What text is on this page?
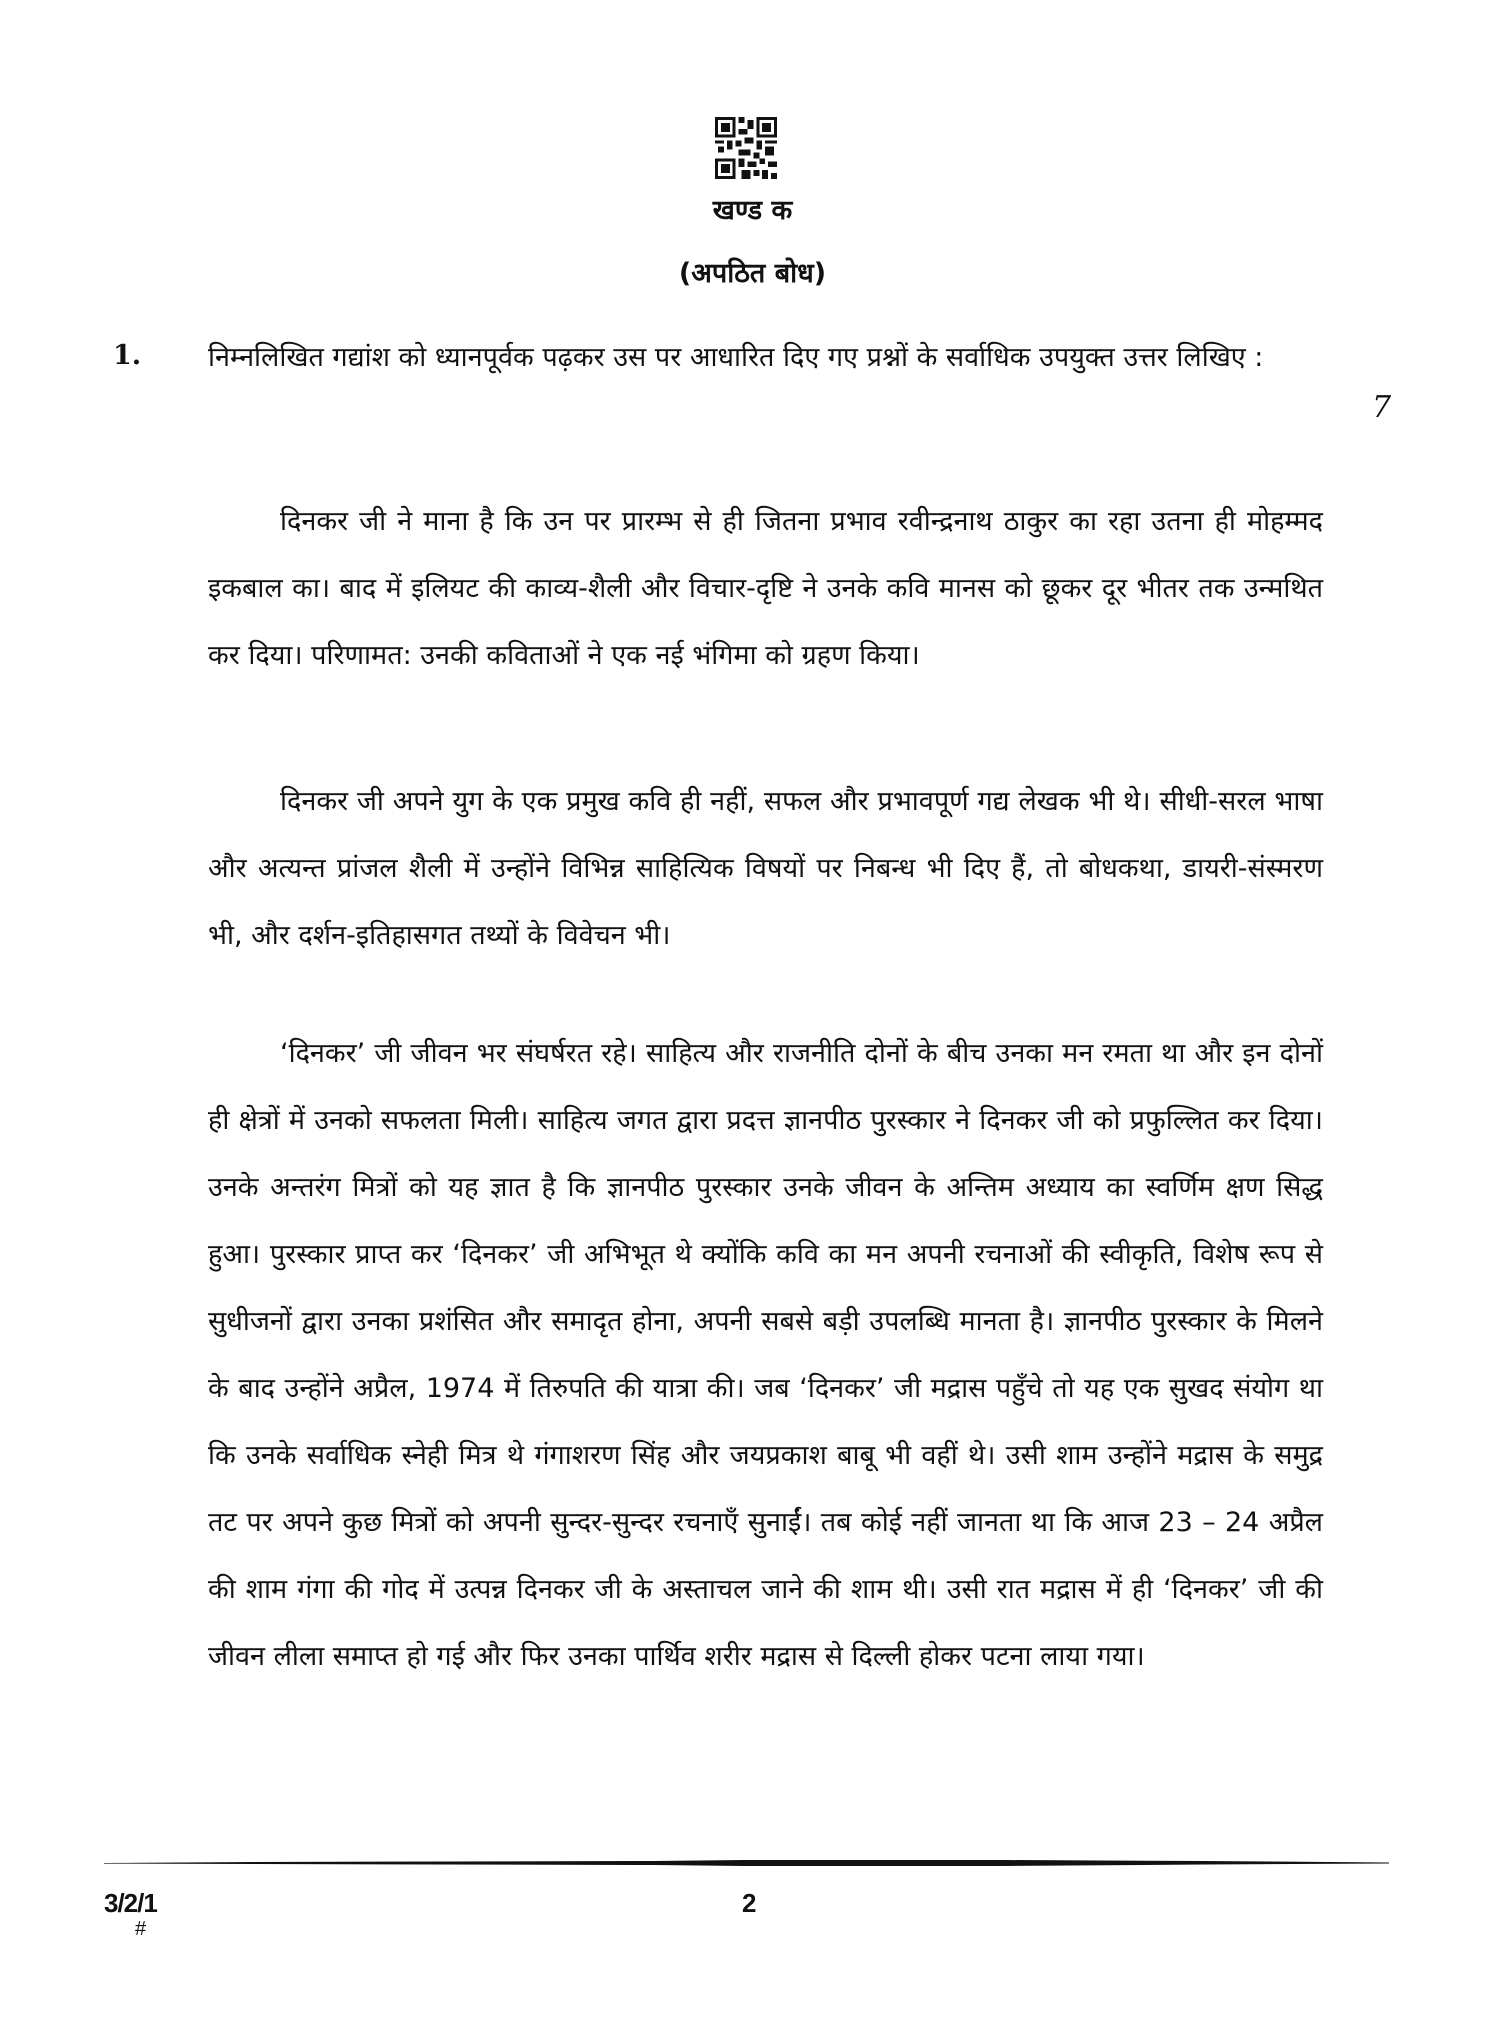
खण्ड क
(अपठित बोध)
1. निम्नलिखित गद्यांश को ध्यानपूर्वक पढ़कर उस पर आधारित दिए गए प्रश्नों के सर्वाधिक उपयुक्त उत्तर लिखिए :
7

दिनकर जी ने माना है कि उन पर प्रारम्भ से ही जितना प्रभाव रवीन्द्रनाथ ठाकुर का रहा उतना ही मोहम्मद इकबाल का। बाद में इलियट की काव्य-शैली और विचार-दृष्टि ने उनके कवि मानस को छूकर दूर भीतर तक उन्मथित कर दिया। परिणामत: उनकी कविताओं ने एक नई भंगिमा को ग्रहण किया।

दिनकर जी अपने युग के एक प्रमुख कवि ही नहीं, सफल और प्रभावपूर्ण गद्य लेखक भी थे। सीधी-सरल भाषा और अत्यन्त प्रांजल शैली में उन्होंने विभिन्न साहित्यिक विषयों पर निबन्ध भी दिए हैं, तो बोधकथा, डायरी-संस्मरण भी, और दर्शन-इतिहासगत तथ्यों के विवेचन भी।

‘दिनकर’ जी जीवन भर संघर्षरत रहे। साहित्य और राजनीति दोनों के बीच उनका मन रमता था और इन दोनों ही क्षेत्रों में उनको सफलता मिली। साहित्य जगत द्वारा प्रदत्त ज्ञानपीठ पुरस्कार ने दिनकर जी को प्रफुल्लित कर दिया। उनके अन्तरंग मित्रों को यह ज्ञात है कि ज्ञानपीठ पुरस्कार उनके जीवन के अन्तिम अध्याय का स्वर्णिम क्षण सिद्ध हुआ। पुरस्कार प्राप्त कर ‘दिनकर’ जी अभिभूत थे क्योंकि कवि का मन अपनी रचनाओं की स्वीकृति, विशेष रूप से सुधीजनों द्वारा उनका प्रशंसित और समादृत होना, अपनी सबसे बड़ी उपलब्धि मानता है। ज्ञानपीठ पुरस्कार के मिलने के बाद उन्होंने अप्रैल, 1974 में तिरुपति की यात्रा की। जब ‘दिनकर’ जी मद्रास पहुँचे तो यह एक सुखद संयोग था कि उनके सर्वाधिक स्नेही मित्र थे गंगाशरण सिंह और जयप्रकाश बाबू भी वहीं थे। उसी शाम उन्होंने मद्रास के समुद्र तट पर अपने कुछ मित्रों को अपनी सुन्दर-सुन्दर रचनाएँ सुनाईं। तब कोई नहीं जानता था कि आज 23 – 24 अप्रैल की शाम गंगा की गोद में उत्पन्न दिनकर जी के अस्ताचल जाने की शाम थी। उसी रात मद्रास में ही ‘दिनकर’ जी की जीवन लीला समाप्त हो गई और फिर उनका पार्थिव शरीर मद्रास से दिल्ली होकर पटना लाया गया।

3/2/1
#
2
